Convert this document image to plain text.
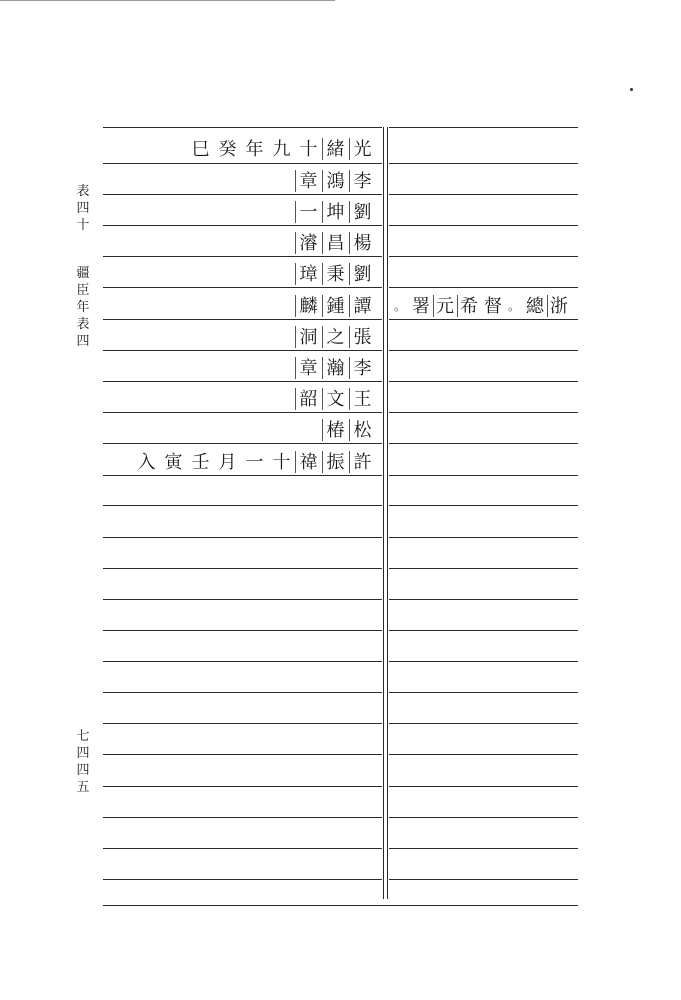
表
四
十
疆
臣
年
表
四
七
四
四
五
光
緒
十
九
年
癸
巳
李
鴻
章
劉
坤
一
楊
昌
濬
劉
秉
璋
譚
鍾
麟
張
之
洞
李
瀚
章
王
文
韶
松
椿
許
振
禕
十
一
月
壬
寅
入
浙
總
。
督
希
元
署
。
